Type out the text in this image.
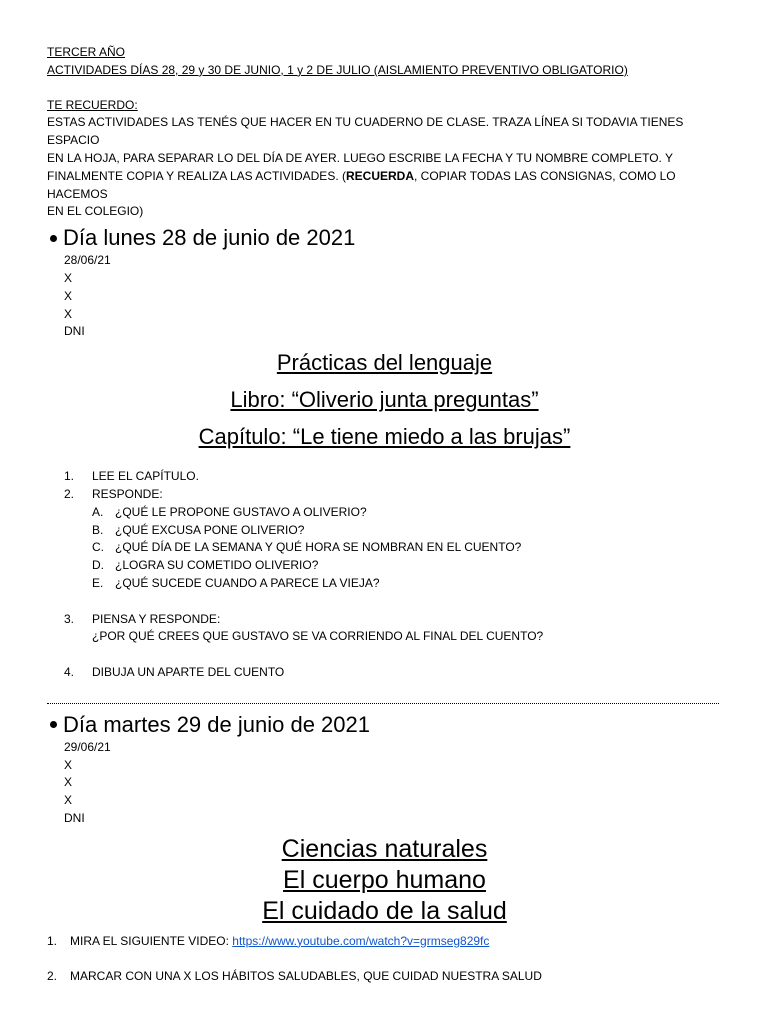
TERCER AÑO
ACTIVIDADES DÍAS 28, 29 y 30 DE JUNIO, 1 y 2 DE JULIO (AISLAMIENTO PREVENTIVO OBLIGATORIO)
TE RECUERDO:
ESTAS ACTIVIDADES LAS TENÉS QUE HACER EN TU CUADERNO DE CLASE. TRAZA LÍNEA SI TODAVIA TIENES ESPACIO
EN LA HOJA, PARA SEPARAR LO DEL DÍA DE AYER. LUEGO ESCRIBE LA FECHA Y TU NOMBRE COMPLETO. Y
FINALMENTE COPIA Y REALIZA LAS ACTIVIDADES. (RECUERDA, COPIAR TODAS LAS CONSIGNAS, COMO LO HACEMOS
EN EL COLEGIO)
Día lunes 28 de junio de 2021
28/06/21
X
X
X
DNI
Prácticas del lenguaje
Libro: “Oliverio junta preguntas”
Capítulo: “Le tiene miedo a las brujas”
1.	LEE EL CAPÍTULO.
2.	RESPONDE:
A. ¿QUÉ LE PROPONE GUSTAVO A OLIVERIO?
B. ¿QUÉ EXCUSA PONE OLIVERIO?
C. ¿QUÉ DÍA DE LA SEMANA Y QUÉ HORA SE NOMBRAN EN EL CUENTO?
D. ¿LOGRA SU COMETIDO OLIVERIO?
E. ¿QUÉ SUCEDE CUANDO A PARECE LA VIEJA?
3.	PIENSA Y RESPONDE:
¿POR QUÉ CREES QUE GUSTAVO SE VA CORRIENDO AL FINAL DEL CUENTO?
4.	DIBUJA UN APARTE DEL CUENTO
Día martes 29 de junio de 2021
29/06/21
X
X
X
DNI
Ciencias naturales
El cuerpo humano
El cuidado de la salud
1.	MIRA EL SIGUIENTE VIDEO: https://www.youtube.com/watch?v=grmseg829fc
2.	MARCAR CON UNA X LOS HÁBITOS SALUDABLES, QUE CUIDAD NUESTRA SALUD
